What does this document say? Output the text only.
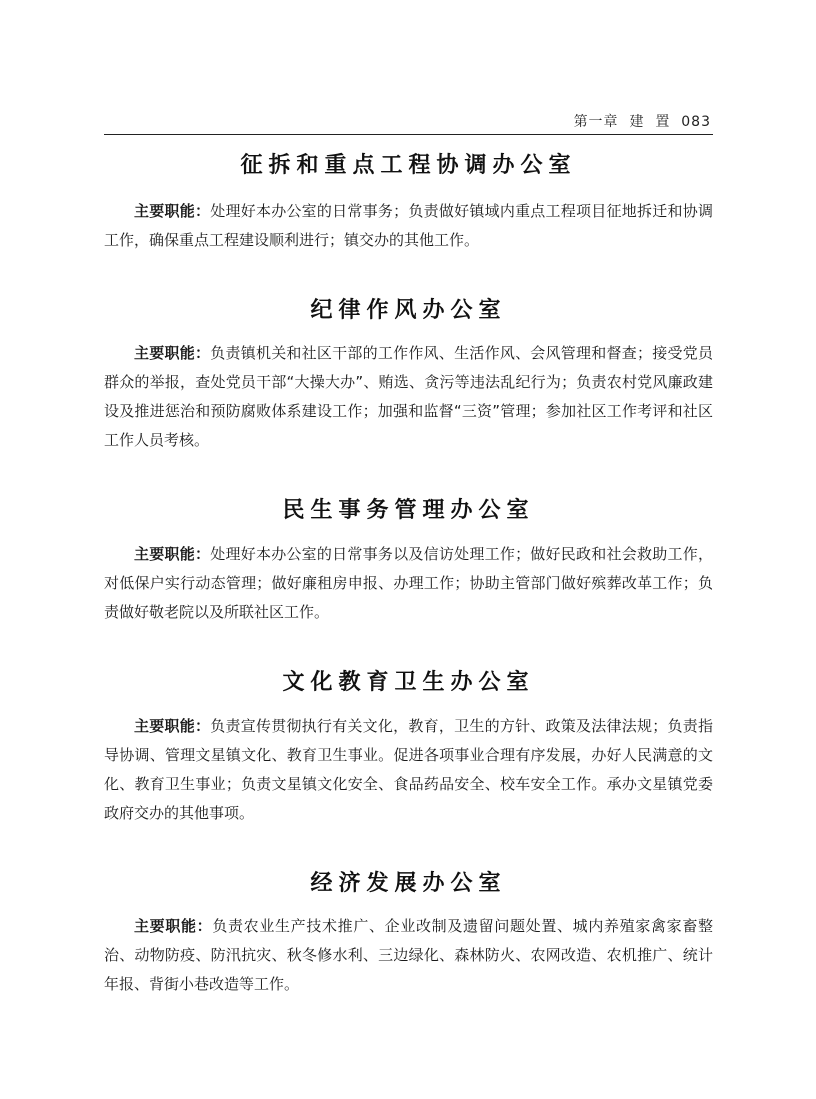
第一章  建  置  083
征拆和重点工程协调办公室

主要职能：处理好本办公室的日常事务；负责做好镇域内重点工程项目征地拆迁和协调工作，确保重点工程建设顺利进行；镇交办的其他工作。

纪律作风办公室

主要职能：负责镇机关和社区干部的工作作风、生活作风、会风管理和督查；接受党员群众的举报，查处党员干部“大操大办”、贿选、贪污等违法乱纪行为；负责农村党风廉政建设及推进惩治和预防腐败体系建设工作；加强和监督“三资”管理；参加社区工作考评和社区工作人员考核。

民生事务管理办公室

主要职能：处理好本办公室的日常事务以及信访处理工作；做好民政和社会救助工作，对低保户实行动态管理；做好廉租房申报、办理工作；协助主管部门做好殡葬改革工作；负责做好敬老院以及所联社区工作。

文化教育卫生办公室

主要职能：负责宣传贯彻执行有关文化，教育，卫生的方针、政策及法律法规；负责指导协调、管理文星镇文化、教育卫生事业。促进各项事业合理有序发展，办好人民满意的文化、教育卫生事业；负责文星镇文化安全、食品药品安全、校车安全工作。承办文星镇党委政府交办的其他事项。

经济发展办公室

主要职能：负责农业生产技术推广、企业改制及遗留问题处置、城内养殖家禽家畜整治、动物防疫、防汛抗灾、秋冬修水利、三边绿化、森林防火、农网改造、农机推广、统计年报、背街小巷改造等工作。
